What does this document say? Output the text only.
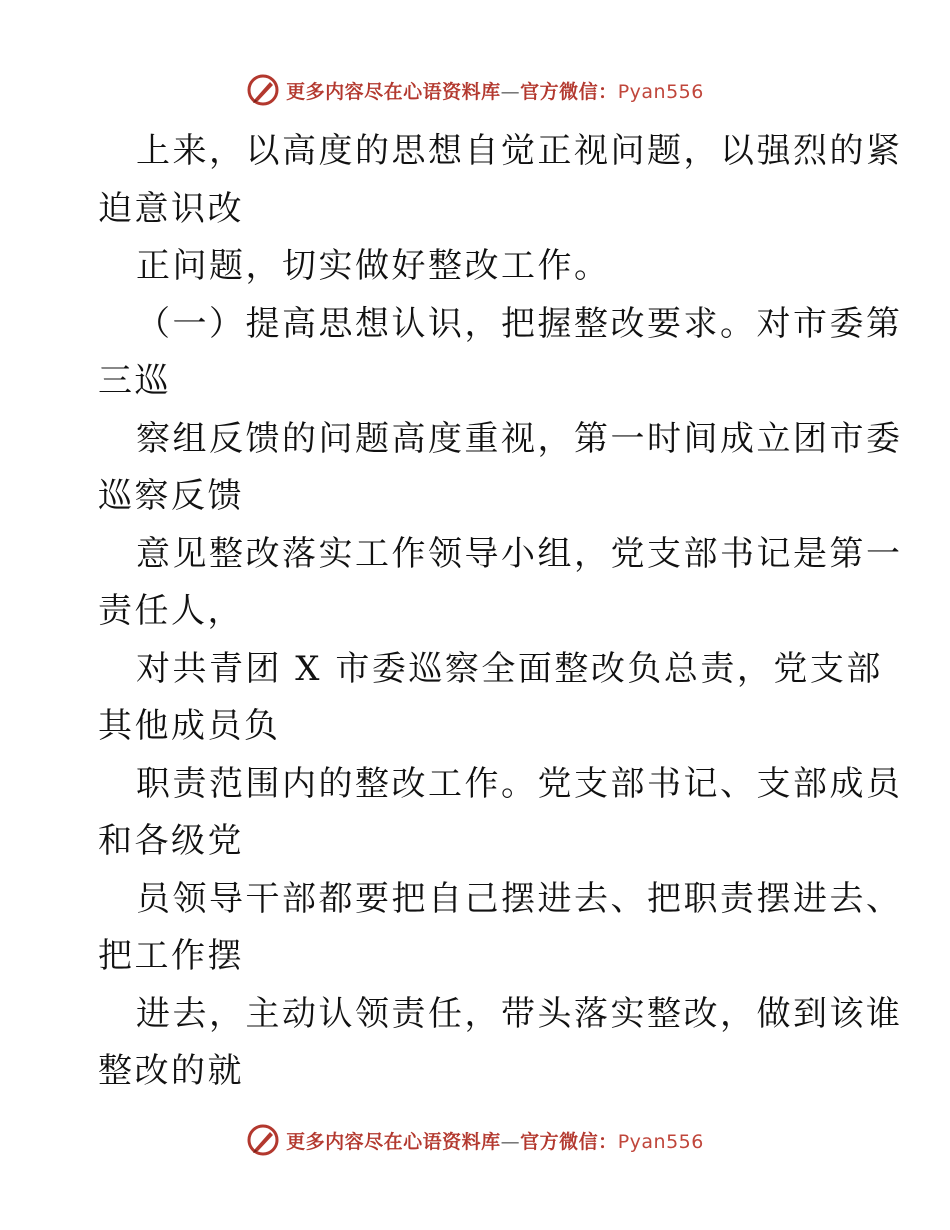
更多内容尽在心语资料库—官方微信：Pyan556
上来，以高度的思想自觉正视问题，以强烈的紧
迫意识改
正问题，切实做好整改工作。
（一）提高思想认识，把握整改要求。对市委第
三巡
察组反馈的问题高度重视，第一时间成立团市委
巡察反馈
意见整改落实工作领导小组，党支部书记是第一
责任人，
对共青团 X 市委巡察全面整改负总责，党支部
其他成员负
职责范围内的整改工作。党支部书记、支部成员
和各级党
员领导干部都要把自己摆进去、把职责摆进去、
把工作摆
进去，主动认领责任，带头落实整改，做到该谁
整改的就
更多内容尽在心语资料库—官方微信：Pyan556
